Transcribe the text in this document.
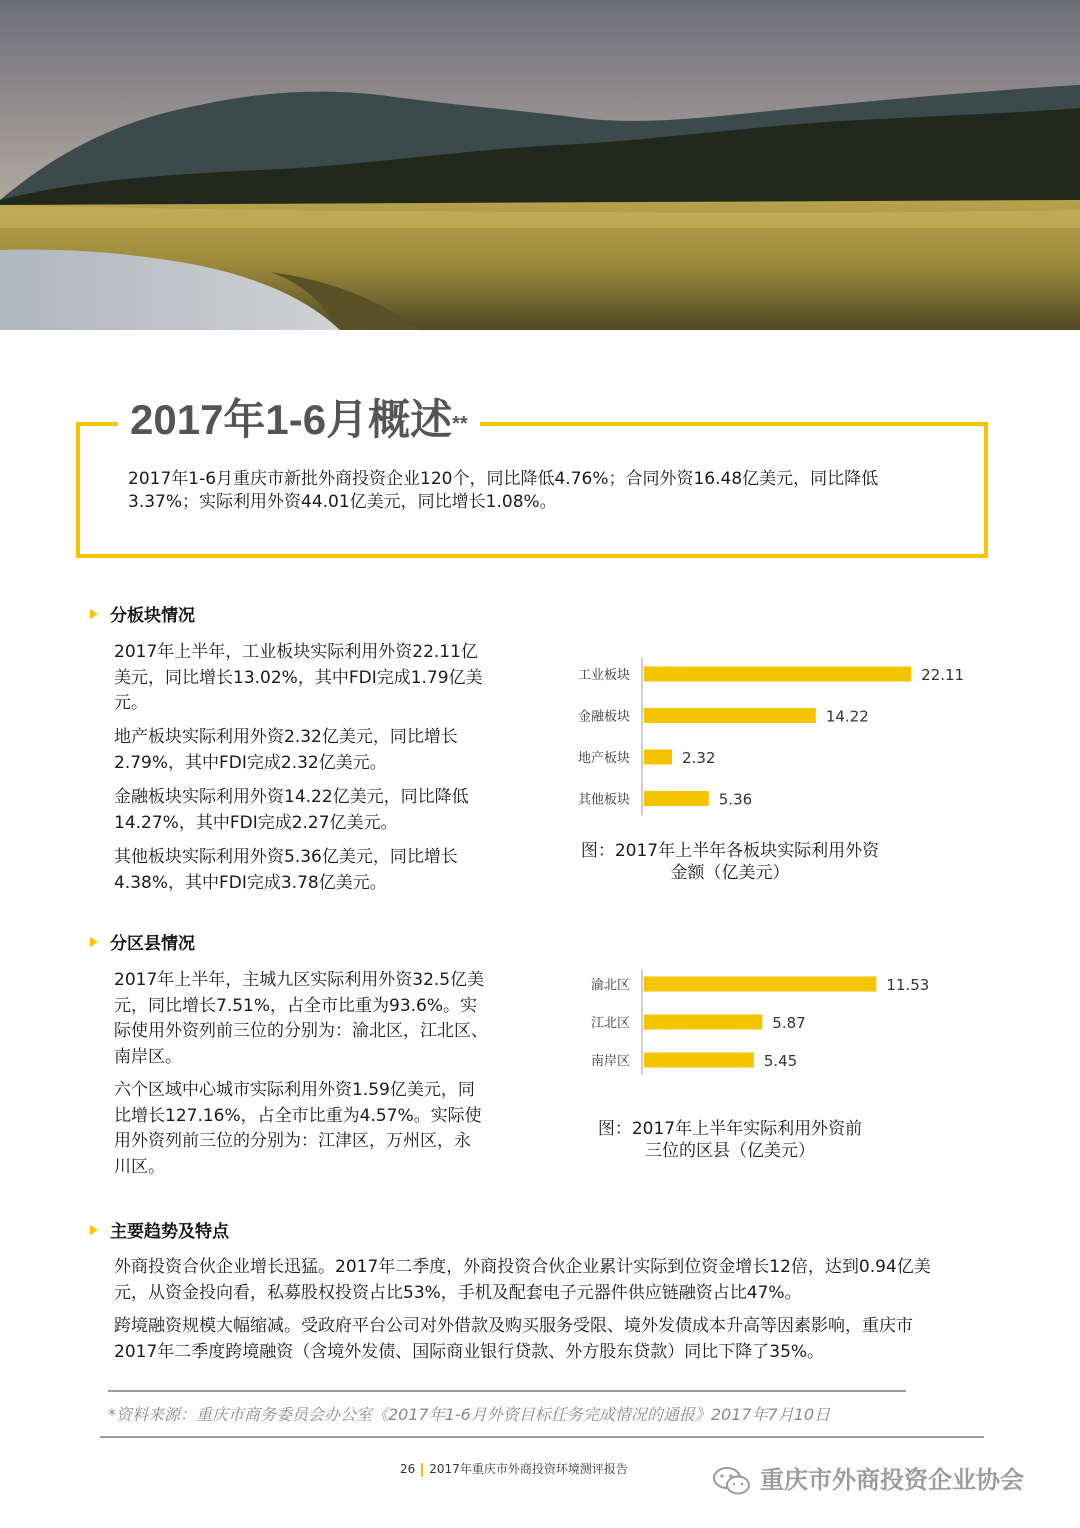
2017年1-6月概述**
2017年1-6月重庆市新批外商投资企业120个，同比降低4.76%；合同外资16.48亿美元，同比降低3.37%；实际利用外资44.01亿美元，同比增长1.08%。
分板块情况
2017年上半年，工业板块实际利用外资22.11亿美元，同比增长13.02%，其中FDI完成1.79亿美元。
地产板块实际利用外资2.32亿美元，同比增长2.79%，其中FDI完成2.32亿美元。
金融板块实际利用外资14.22亿美元，同比降低14.27%，其中FDI完成2.27亿美元。
其他板块实际利用外资5.36亿美元，同比增长4.38%，其中FDI完成3.78亿美元。
工业板块	22.11
金融板块	14.22
地产板块	2.32
其他板块	5.36
图：2017年上半年各板块实际利用外资金额（亿美元）
分区县情况
2017年上半年，主城九区实际利用外资32.5亿美元，同比增长7.51%，占全市比重为93.6%。实际使用外资列前三位的分别为：渝北区，江北区、南岸区。
六个区域中心城市实际利用外资1.59亿美元，同比增长127.16%，占全市比重为4.57%。实际使用外资列前三位的分别为：江津区，万州区，永川区。
渝北区	11.53
江北区	5.87
南岸区	5.45
图：2017年上半年实际利用外资前三位的区县（亿美元）
主要趋势及特点
外商投资合伙企业增长迅猛。2017年二季度，外商投资合伙企业累计实际到位资金增长12倍，达到0.94亿美元，从资金投向看，私募股权投资占比53%，手机及配套电子元器件供应链融资占比47%。
跨境融资规模大幅缩减。受政府平台公司对外借款及购买服务受限、境外发债成本升高等因素影响，重庆市2017年二季度跨境融资（含境外发债、国际商业银行贷款、外方股东贷款）同比下降了35%。
*资料来源：重庆市商务委员会办公室《2017年1-6月外资目标任务完成情况的通报》2017年7月10日
26 2017年重庆市外商投资环境测评报告	重庆市外商投资企业协会
